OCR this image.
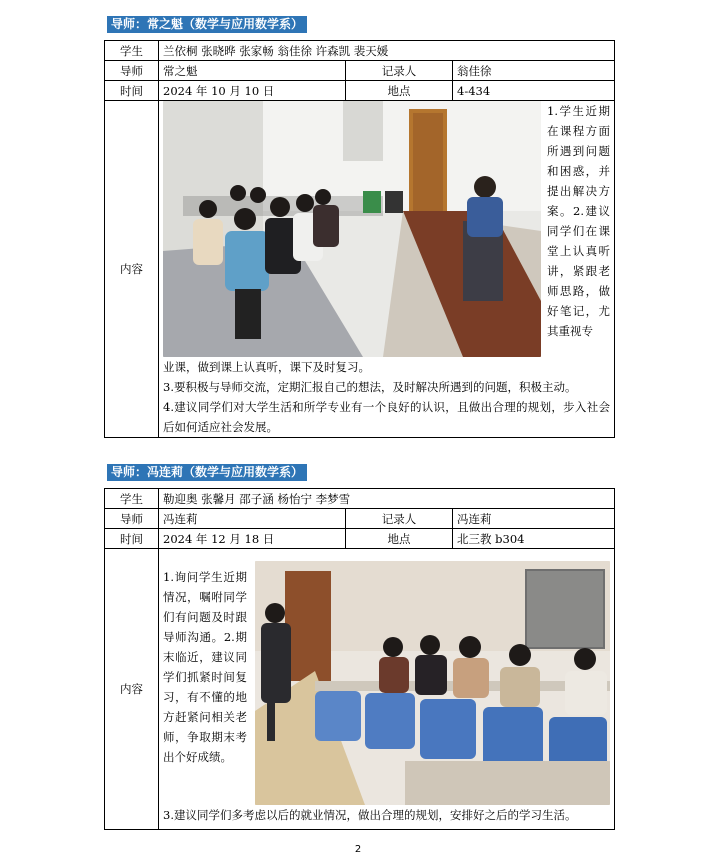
导师：常之魁（数学与应用数学系）
学生	兰依桐 张晓晔 张家畅 翁佳徐 许森凯 裴天媛		
导师	常之魁	记录人	翁佳徐
时间	2024 年 10 月 10 日	地点	4-434
内容	1.学生近期在课程方面所遇到问题和困惑，并提出解决方案。2.建议同学们在课堂上认真听讲，紧跟老师思路，做好笔记，尤其重视专
业课，做到课上认真听，课下及时复习。
3.要积极与导师交流，定期汇报自己的想法，及时解决所遇到的问题，积极主动。
4.建议同学们对大学生活和所学专业有一个良好的认识，且做出合理的规划，步入社会后如何适应社会发展。		
导师：冯连莉（数学与应用数学系）
学生	勒迎奥 张馨月 邵子涵 杨怡宁 李梦雪		
导师	冯连莉	记录人	冯连莉
时间	2024 年 12 月 18 日	地点	北三教 b304
内容	1.询问学生近期情况，嘱咐同学们有问题及时跟导师沟通。2.期末临近，建议同学们抓紧时间复习，有不懂的地方赶紧问相关老师，争取期末考出个好成绩。
3.建议同学们多考虑以后的就业情况，做出合理的规划，安排好之后的学习生活。		
2
